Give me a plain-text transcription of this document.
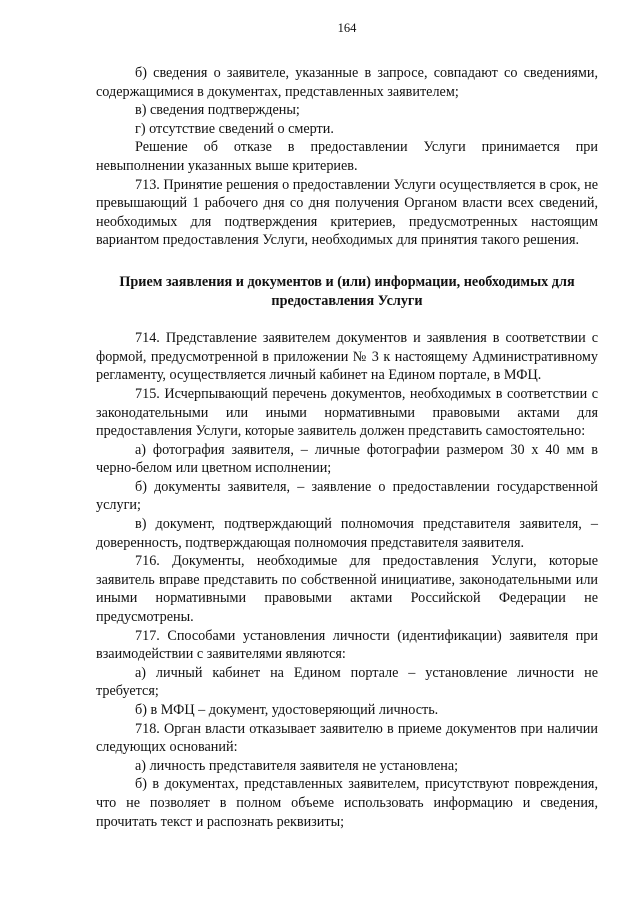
164

б) сведения о заявителе, указанные в запросе, совпадают со сведениями, содержащимися в документах, представленных заявителем;

в) сведения подтверждены;

г) отсутствие сведений о смерти.

Решение об отказе в предоставлении Услуги принимается при невыполнении указанных выше критериев.

713. Принятие решения о предоставлении Услуги осуществляется в срок, не превышающий 1 рабочего дня со дня получения Органом власти всех сведений, необходимых для подтверждения критериев, предусмотренных настоящим вариантом предоставления Услуги, необходимых для принятия такого решения.

Прием заявления и документов и (или) информации, необходимых для предоставления Услуги

714. Представление заявителем документов и заявления в соответствии с формой, предусмотренной в приложении № 3 к настоящему Административному регламенту, осуществляется личный кабинет на Едином портале, в МФЦ.

715. Исчерпывающий перечень документов, необходимых в соответствии с законодательными или иными нормативными правовыми актами для предоставления Услуги, которые заявитель должен представить самостоятельно:

а) фотография заявителя, – личные фотографии размером 30 x 40 мм в черно-белом или цветном исполнении;

б) документы заявителя, – заявление о предоставлении государственной услуги;

в) документ, подтверждающий полномочия представителя заявителя, – доверенность, подтверждающая полномочия представителя заявителя.

716. Документы, необходимые для предоставления Услуги, которые заявитель вправе представить по собственной инициативе, законодательными или иными нормативными правовыми актами Российской Федерации не предусмотрены.

717. Способами установления личности (идентификации) заявителя при взаимодействии с заявителями являются:

а) личный кабинет на Едином портале – установление личности не требуется;

б) в МФЦ – документ, удостоверяющий личность.

718. Орган власти отказывает заявителю в приеме документов при наличии следующих оснований:

а) личность представителя заявителя не установлена;

б) в документах, представленных заявителем, присутствуют повреждения, что не позволяет в полном объеме использовать информацию и сведения, прочитать текст и распознать реквизиты;
